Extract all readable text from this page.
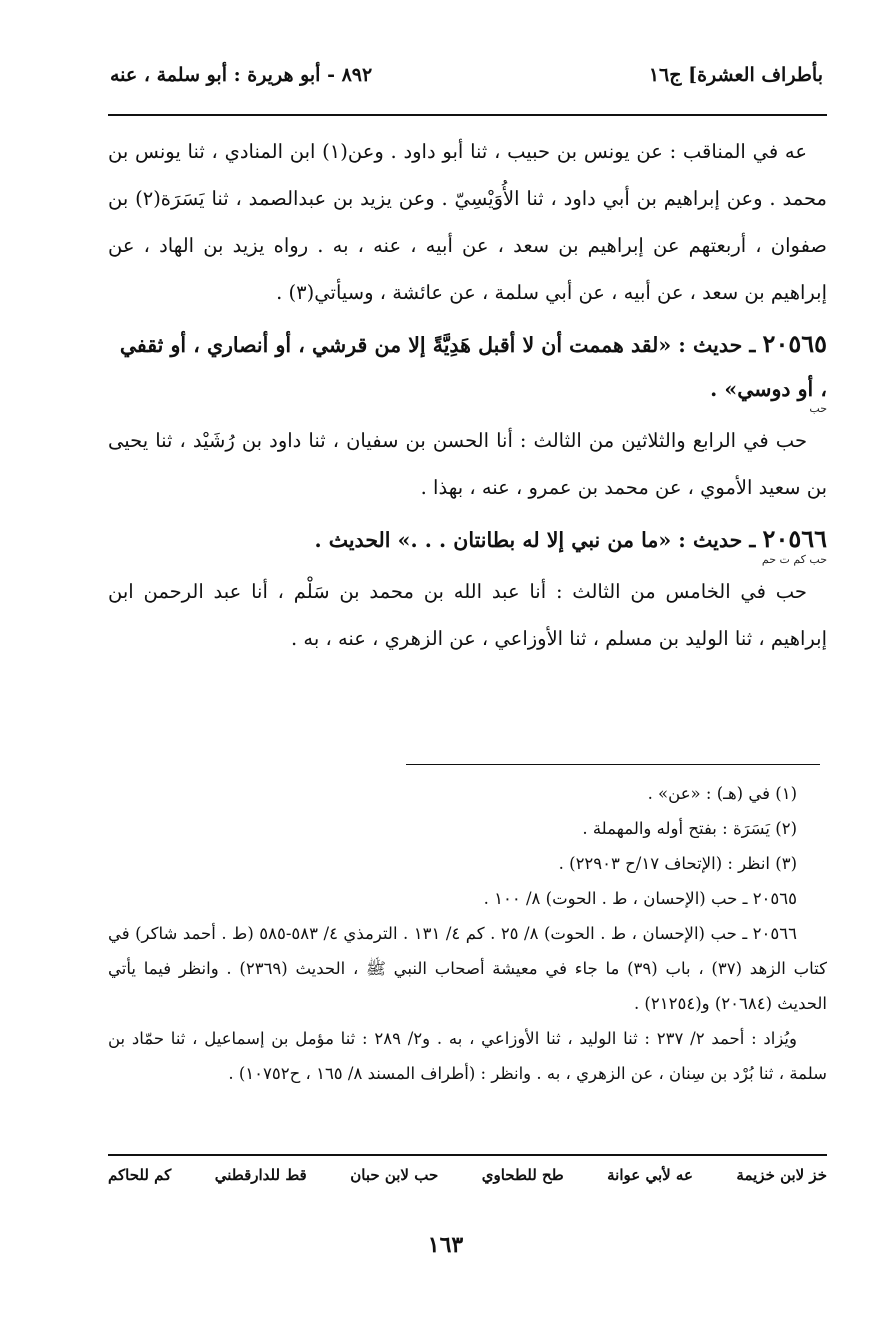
بأطراف العشرة] ج١٦
٨٩٢ - أبو هريرة : أبو سلمة ، عنه

عه في المناقب : عن يونس بن حبيب ، ثنا أبو داود . وعن(١) ابن المنادي ، ثنا يونس بن محمد . وعن إبراهيم بن أبي داود ، ثنا الأُوَيْسِيّ . وعن يزيد بن عبدالصمد ، ثنا يَسَرَة(٢) بن صفوان ، أربعتهم عن إبراهيم بن سعد ، عن أبيه ، عنه ، به . رواه يزيد بن الهاد ، عن إبراهيم بن سعد ، عن أبيه ، عن أبي سلمة ، عن عائشة ، وسيأتي(٣) .

٢٠٥٦٥ ـ حديث : «لقد هممت أن لا أقبل هَدِيَّةً إلا من قرشي ، أو أنصاري ، أو ثقفي ، أو دوسي» .
حب

حب في الرابع والثلاثين من الثالث : أنا الحسن بن سفيان ، ثنا داود بن رُشَيْد ، ثنا يحيى بن سعيد الأموي ، عن محمد بن عمرو ، عنه ، بهذا .

٢٠٥٦٦ ـ حديث : «ما من نبي إلا له بطانتان . . .» الحديث .
حب كم ت حم

حب في الخامس من الثالث : أنا عبد الله بن محمد بن سَلْم ، أنا عبد الرحمن ابن إبراهيم ، ثنا الوليد بن مسلم ، ثنا الأوزاعي ، عن الزهري ، عنه ، به .

(١) في (هـ) : «عن» .

(٢) يَسَرَة : بفتح أوله والمهملة .

(٣) انظر : (الإتحاف ١٧/ح ٢٢٩٠٣) .

٢٠٥٦٥ ـ حب (الإحسان ، ط . الحوت) ٨/ ١٠٠ .

٢٠٥٦٦ ـ حب (الإحسان ، ط . الحوت) ٨/ ٢٥ . كم ٤/ ١٣١ . الترمذي ٤/ ٥٨٣-٥٨٥ (ط . أحمد شاكر) في كتاب الزهد (٣٧) ، باب (٣٩) ما جاء في معيشة أصحاب النبي ﷺ ، الحديث (٢٣٦٩) . وانظر فيما يأتي الحديث (٢٠٦٨٤) و(٢١٢٥٤) .

ويُزاد : أحمد ٢/ ٢٣٧ : ثنا الوليد ، ثنا الأوزاعي ، به . و٢/ ٢٨٩ : ثنا مؤمل بن إسماعيل ، ثنا حمّاد بن سلمة ، ثنا بُرْد بن سِنان ، عن الزهري ، به . وانظر : (أطراف المسند ٨/ ١٦٥ ، ح١٠٧٥٢) .

خز لابن خزيمة
عه لأبي عوانة
طح للطحاوي
حب لابن حبان
قط للدارقطني
كم للحاكم
١٦٣
